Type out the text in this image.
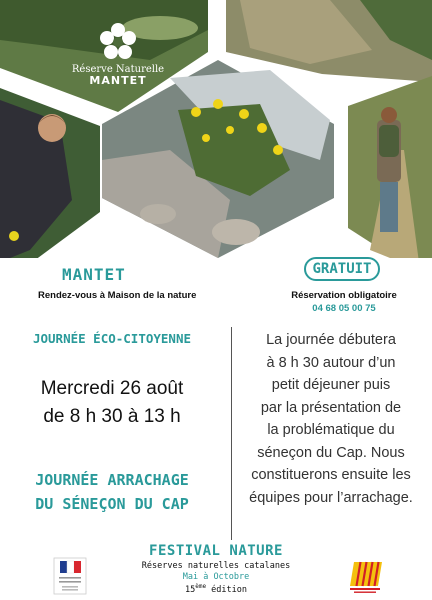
Réserve Naturelle
MANTET
MANTET
Rendez-vous à Maison de la nature
GRATUIT
Réservation obligatoire
04 68 05 00 75
JOURNÉE ÉCO-CITOYENNE
Mercredi 26 août
de 8 h 30 à 13 h
JOURNÉE ARRACHAGE
DU SÉNEÇON DU CAP
La journée débutera
à 8 h 30 autour d’un
petit déjeuner puis
par la présentation de
la problématique du
séneçon du Cap. Nous
constituerons ensuite les
équipes pour l’arrachage.
FESTIVAL NATURE
Réserves naturelles catalanes
Mai à Octobre
15ème édition
